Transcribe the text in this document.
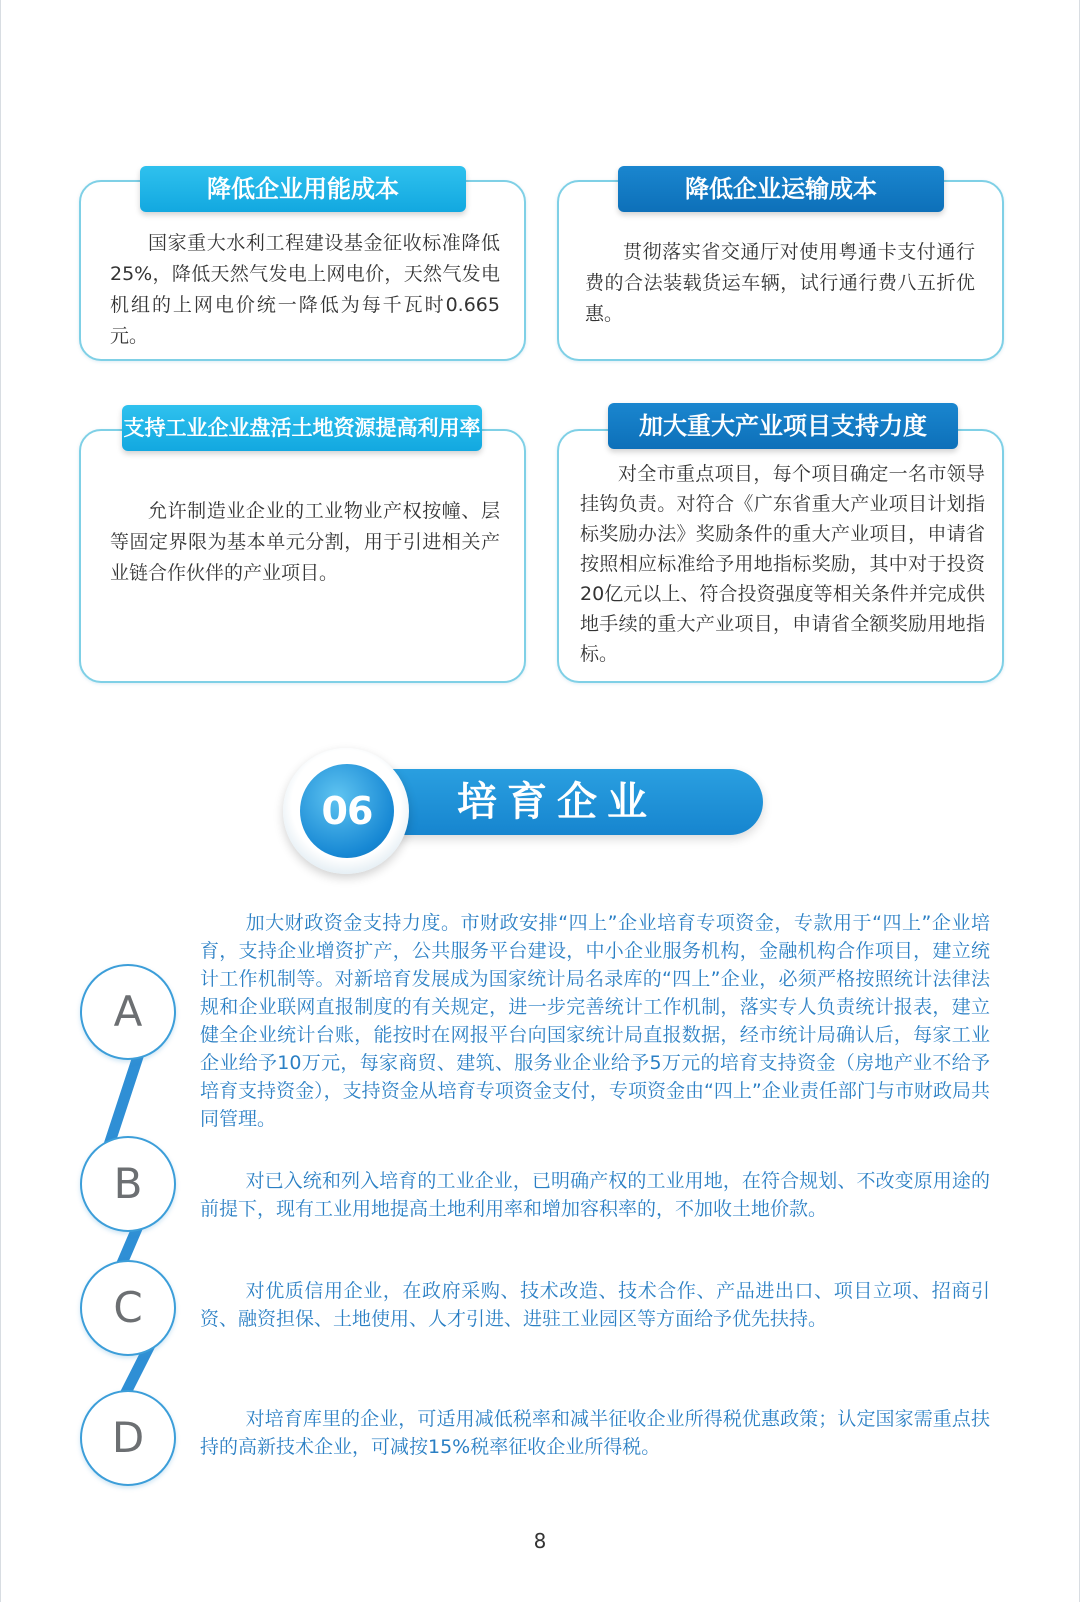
降低企业用能成本
国家重大水利工程建设基金征收标准降低25%，降低天然气发电上网电价，天然气发电机组的上网电价统一降低为每千瓦时0.665元。
降低企业运输成本
贯彻落实省交通厅对使用粤通卡支付通行费的合法装载货运车辆，试行通行费八五折优惠。
支持工业企业盘活土地资源提高利用率
允许制造业企业的工业物业产权按幢、层等固定界限为基本单元分割，用于引进相关产业链合作伙伴的产业项目。
加大重大产业项目支持力度
对全市重点项目，每个项目确定一名市领导挂钩负责。对符合《广东省重大产业项目计划指标奖励办法》奖励条件的重大产业项目，申请省按照相应标准给予用地指标奖励，其中对于投资20亿元以上、符合投资强度等相关条件并完成供地手续的重大产业项目，申请省全额奖励用地指标。
培育企业
06
A
加大财政资金支持力度。市财政安排“四上”企业培育专项资金，专款用于“四上”企业培育，支持企业增资扩产，公共服务平台建设，中小企业服务机构，金融机构合作项目，建立统计工作机制等。对新培育发展成为国家统计局名录库的“四上”企业，必须严格按照统计法律法规和企业联网直报制度的有关规定，进一步完善统计工作机制，落实专人负责统计报表，建立健全企业统计台账，能按时在网报平台向国家统计局直报数据，经市统计局确认后，每家工业企业给予10万元，每家商贸、建筑、服务业企业给予5万元的培育支持资金（房地产业不给予培育支持资金），支持资金从培育专项资金支付，专项资金由“四上”企业责任部门与市财政局共同管理。
B	对已入统和列入培育的工业企业，已明确产权的工业用地，在符合规划、不改变原用途的前提下，现有工业用地提高土地利用率和增加容积率的，不加收土地价款。
C	对优质信用企业，在政府采购、技术改造、技术合作、产品进出口、项目立项、招商引资、融资担保、土地使用、人才引进、进驻工业园区等方面给予优先扶持。
D	对培育库里的企业，可适用减低税率和减半征收企业所得税优惠政策；认定国家需重点扶持的高新技术企业，可减按15%税率征收企业所得税。
8
